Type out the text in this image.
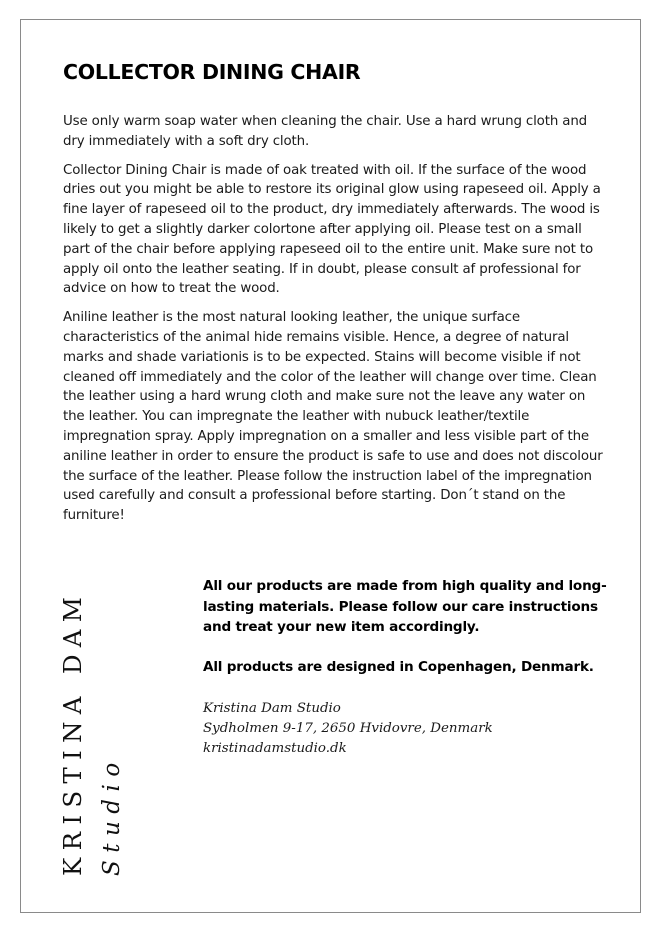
COLLECTOR DINING CHAIR

Use only warm soap water when cleaning the chair. Use a hard wrung cloth and dry immediately with a soft dry cloth.

Collector Dining Chair is made of oak treated with oil. If the surface of the wood dries out you might be able to restore its original glow using rapeseed oil. Apply a fine layer of rapeseed oil to the product, dry immediately afterwards. The wood is likely to get a slightly darker colortone after applying oil. Please test on a small part of the chair before applying rapeseed oil to the entire unit. Make sure not to apply oil onto the leather seating. If in doubt, please consult af professional for advice on how to treat the wood.

Aniline leather is the most natural looking leather, the unique surface characteristics of the animal hide remains visible. Hence, a degree of natural marks and shade variationis is to be expected. Stains will become visible if not cleaned off immediately and the color of the leather will change over time. Clean the leather using a hard wrung cloth and make sure not the leave any water on the leather. You can impregnate the leather with nubuck leather/textile impregnation spray. Apply impregnation on a smaller and less visible part of the aniline leather in order to ensure the product is safe to use and does not discolour the surface of the leather. Please follow the instruction label of the impregnation used carefully and consult a professional before starting. Don´t stand on the furniture!

KRISTINA DAM Studio

All our products are made from high quality and long-lasting materials. Please follow our care instructions and treat your new item accordingly.

All products are designed in Copenhagen, Denmark.

Kristina Dam Studio
Sydholmen 9-17, 2650 Hvidovre, Denmark
kristinadamstudio.dk
